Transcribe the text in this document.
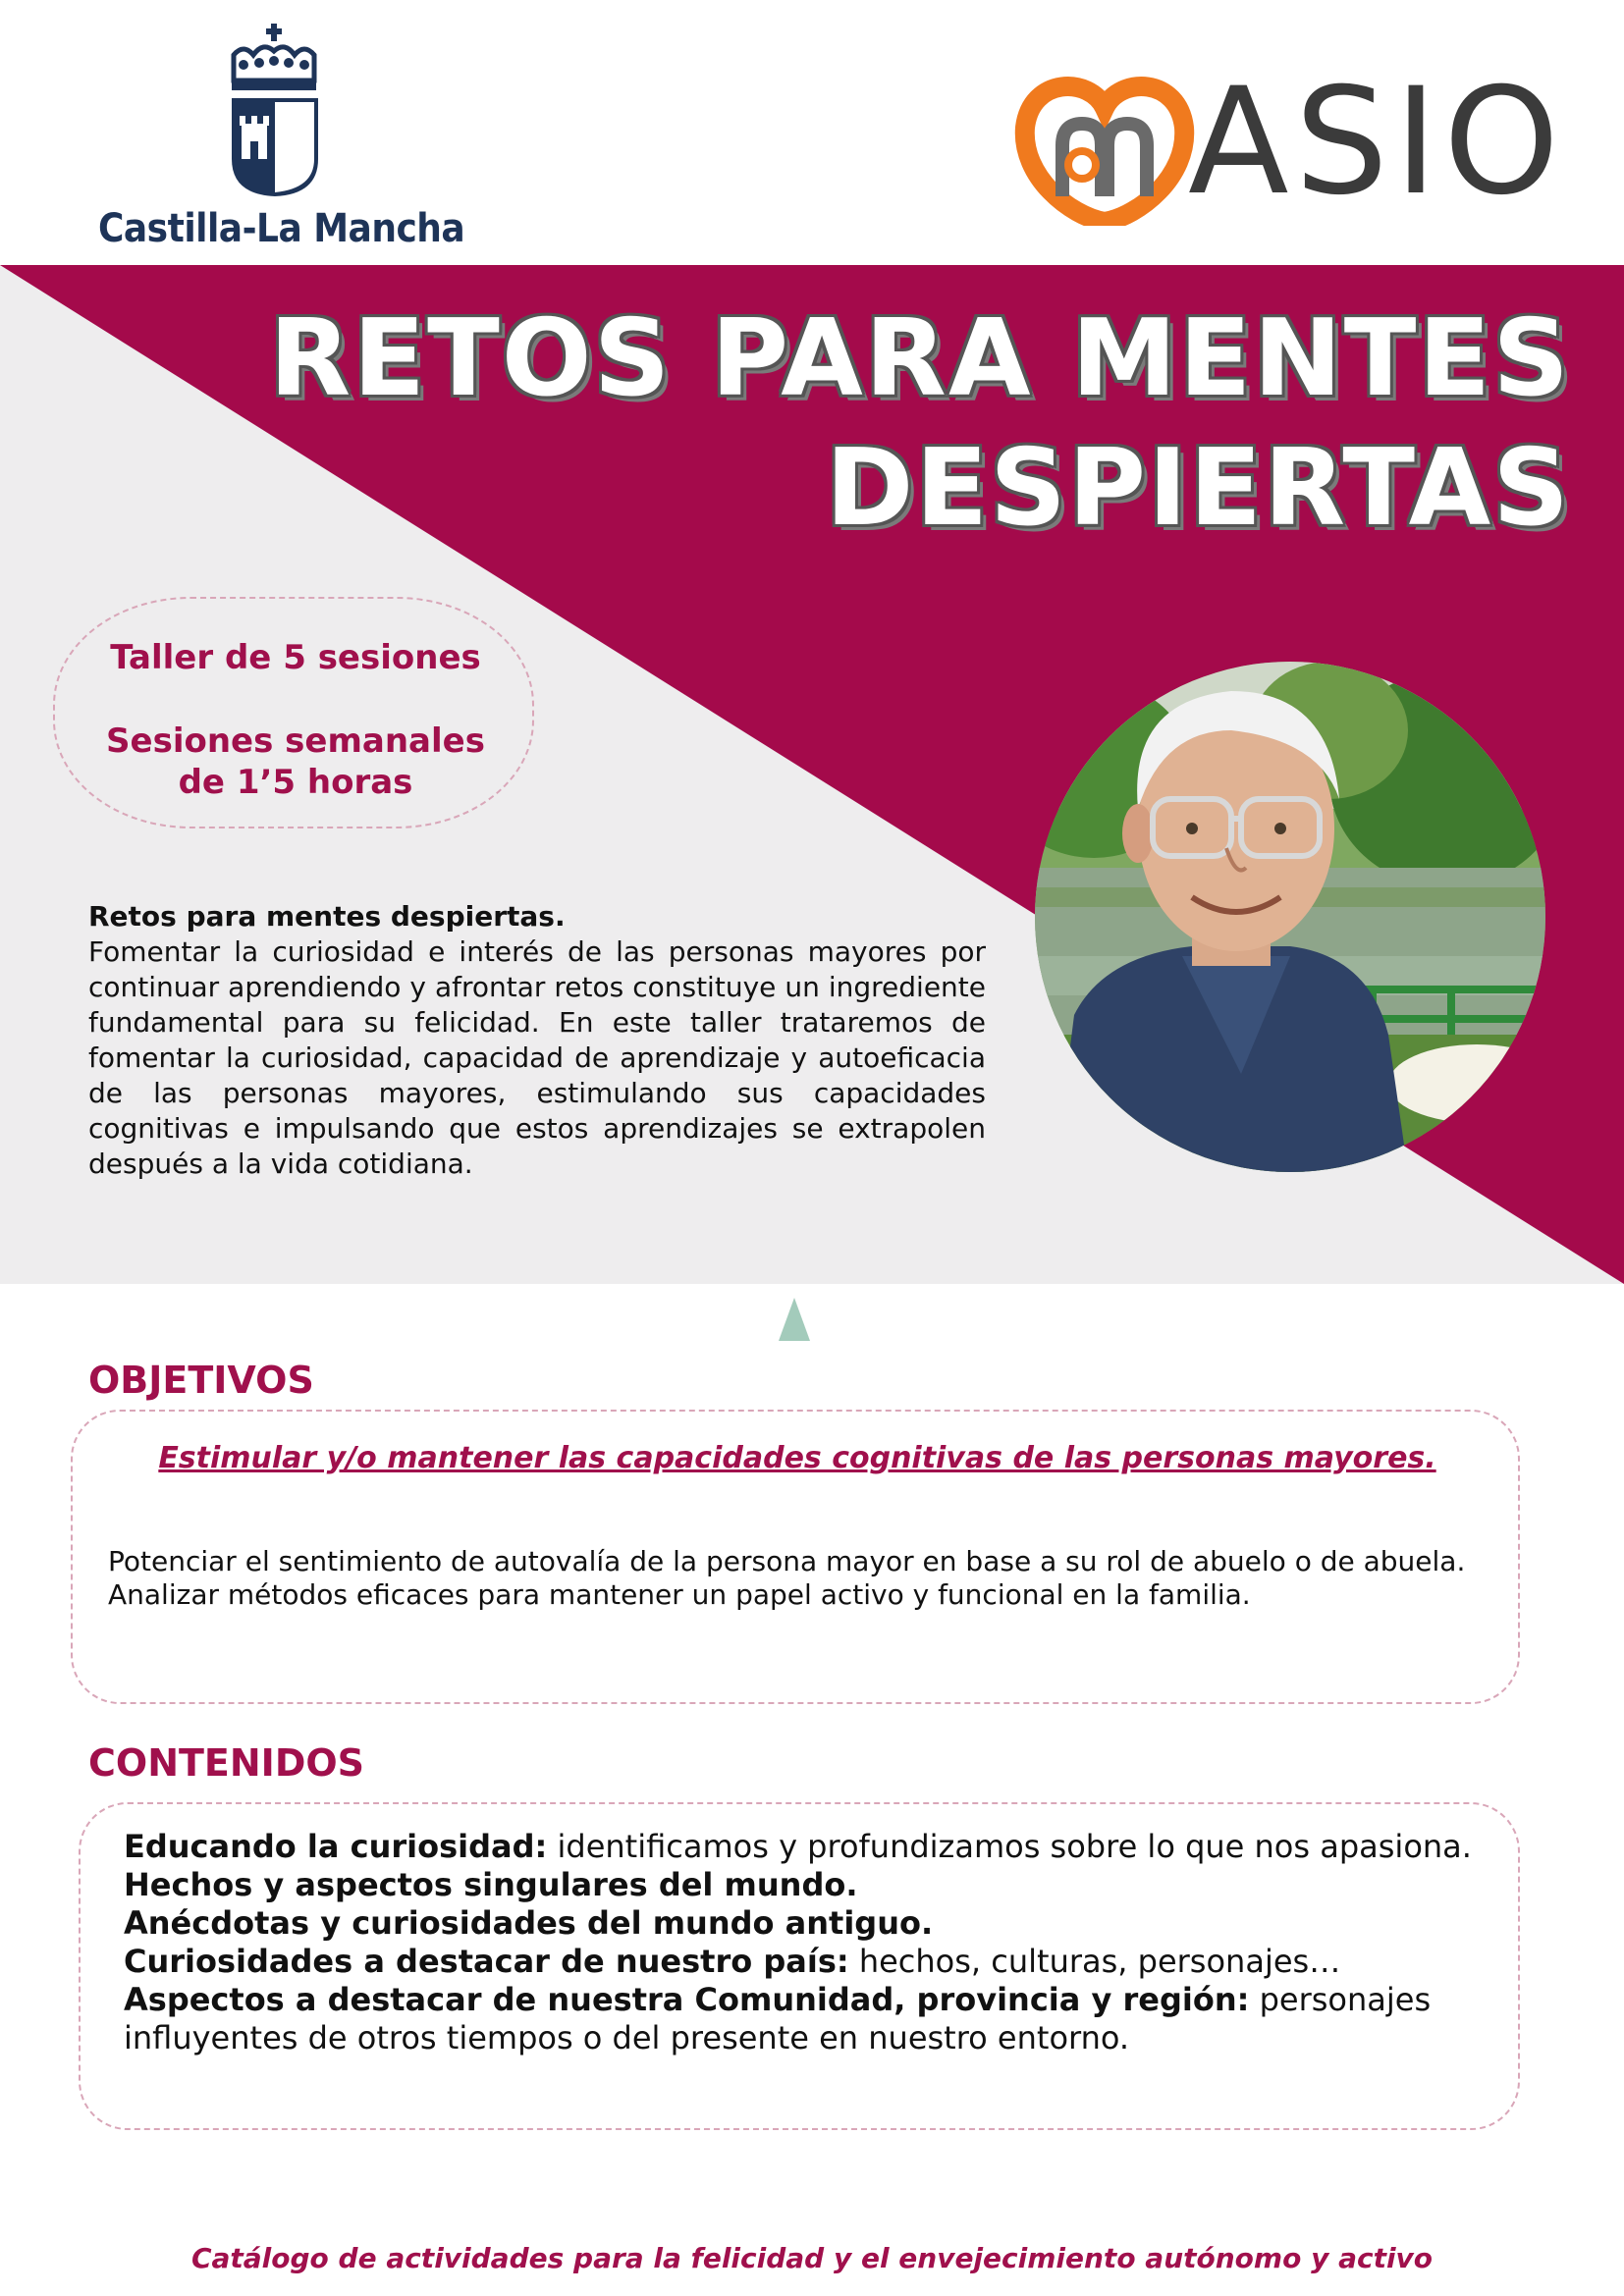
Castilla-La Mancha
ASIO
RETOS PARA MENTES
DESPIERTAS
Taller de 5 sesiones
Sesiones semanales
de 1’5 horas
Retos para mentes despiertas.
Fomentar la curiosidad e interés de las personas mayores por continuar aprendiendo y afrontar retos constituye un ingrediente fundamental para su felicidad. En este taller trataremos de fomentar la curiosidad, capacidad de aprendizaje y autoeficacia de las personas mayores, estimulando sus capacidades cognitivas e impulsando que estos aprendizajes se extrapolen después a la vida cotidiana.
OBJETIVOS
Estimular y/o mantener las capacidades cognitivas de las personas mayores.
Potenciar el sentimiento de autovalía de la persona mayor en base a su rol de abuelo o de abuela.
Analizar métodos eficaces para mantener un papel activo y funcional en la familia.
CONTENIDOS
Educando la curiosidad: identificamos y profundizamos sobre lo que nos apasiona.
Hechos y aspectos singulares del mundo.
Anécdotas y curiosidades del mundo antiguo.
Curiosidades a destacar de nuestro país: hechos, culturas, personajes…
Aspectos a destacar de nuestra Comunidad, provincia y región: personajes influyentes de otros tiempos o del presente en nuestro entorno.
Catálogo de actividades para la felicidad y el envejecimiento autónomo y activo
